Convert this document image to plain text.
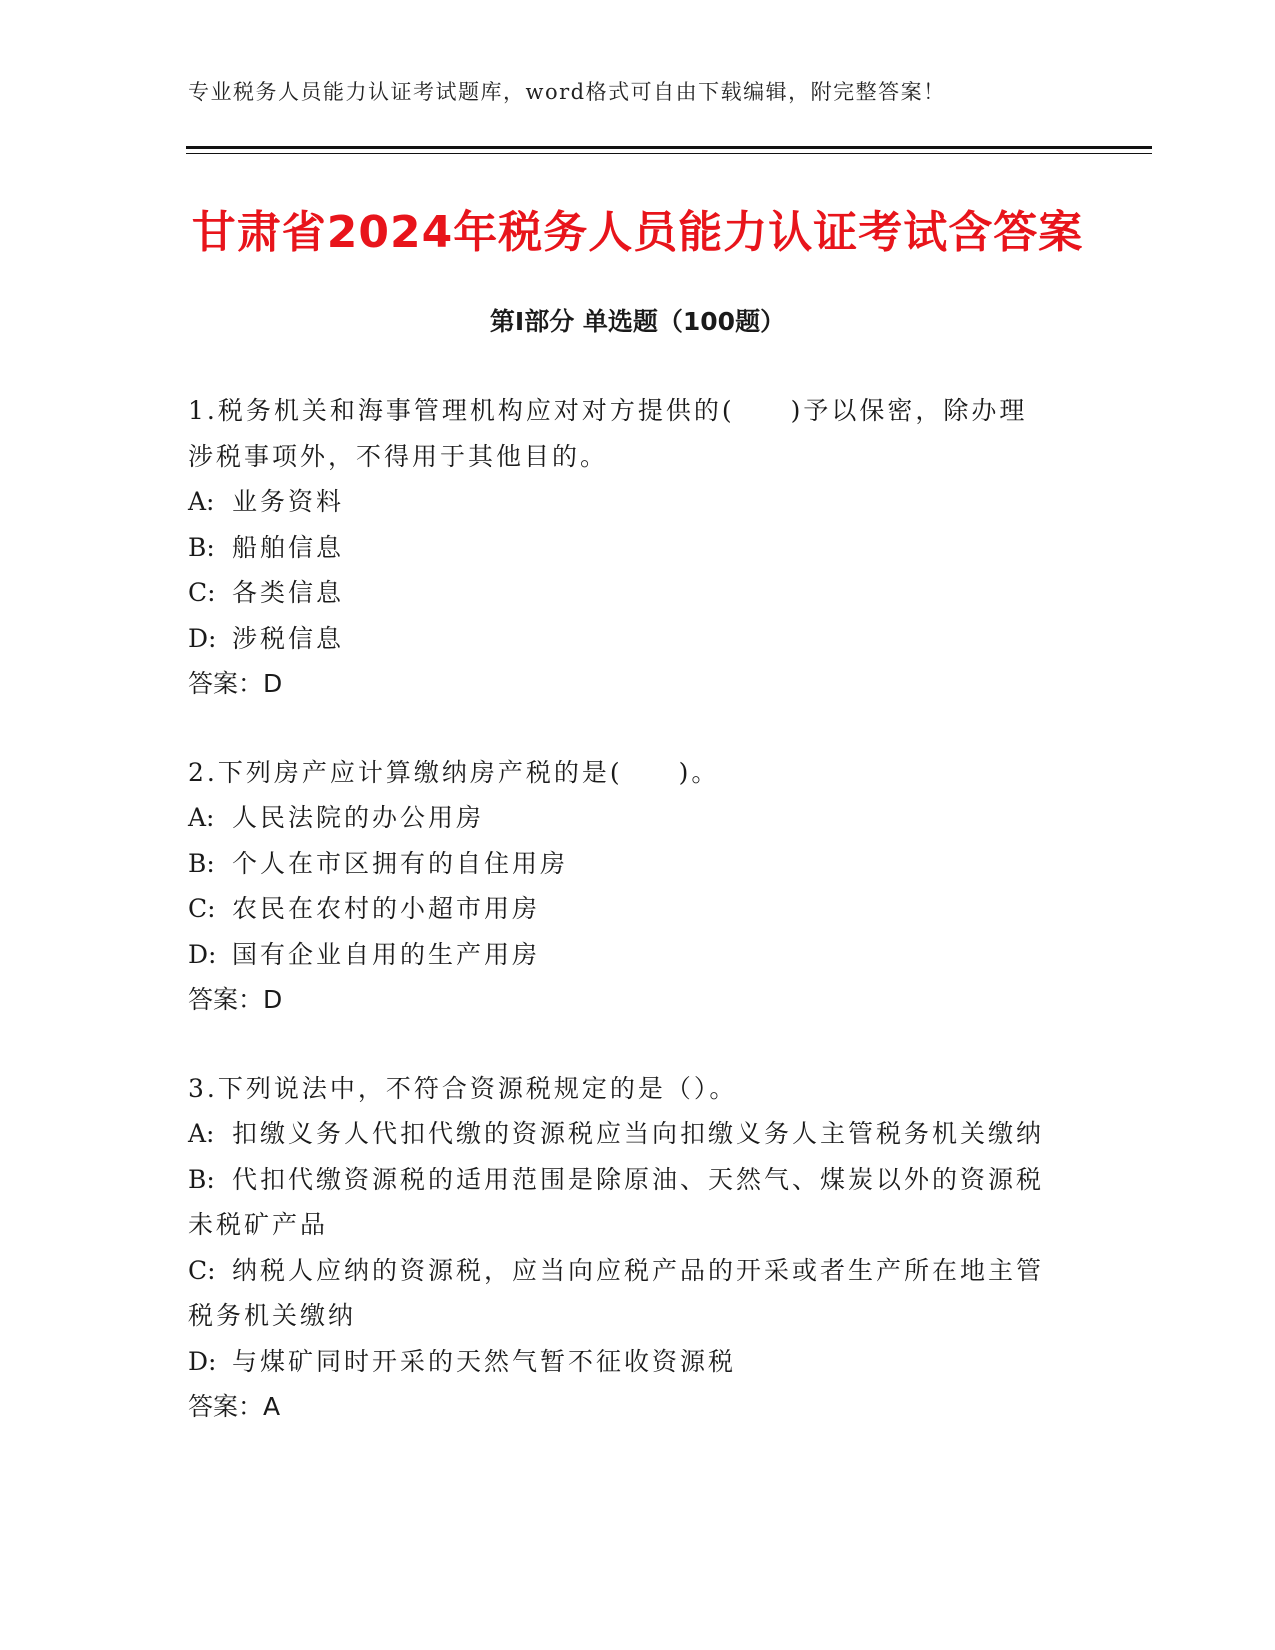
专业税务人员能力认证考试题库，word格式可自由下载编辑，附完整答案！
甘肃省2024年税务人员能力认证考试含答案
第I部分 单选题（100题）
1.税务机关和海事管理机构应对对方提供的(　　)予以保密，除办理
涉税事项外，不得用于其他目的。
A: 业务资料
B: 船舶信息
C: 各类信息
D: 涉税信息
答案：D
2.下列房产应计算缴纳房产税的是(　　)。
A: 人民法院的办公用房
B: 个人在市区拥有的自住用房
C: 农民在农村的小超市用房
D: 国有企业自用的生产用房
答案：D
3.下列说法中，不符合资源税规定的是（）。
A: 扣缴义务人代扣代缴的资源税应当向扣缴义务人主管税务机关缴纳
B: 代扣代缴资源税的适用范围是除原油、天然气、煤炭以外的资源税
未税矿产品
C: 纳税人应纳的资源税，应当向应税产品的开采或者生产所在地主管
税务机关缴纳
D: 与煤矿同时开采的天然气暂不征收资源税
答案：A
